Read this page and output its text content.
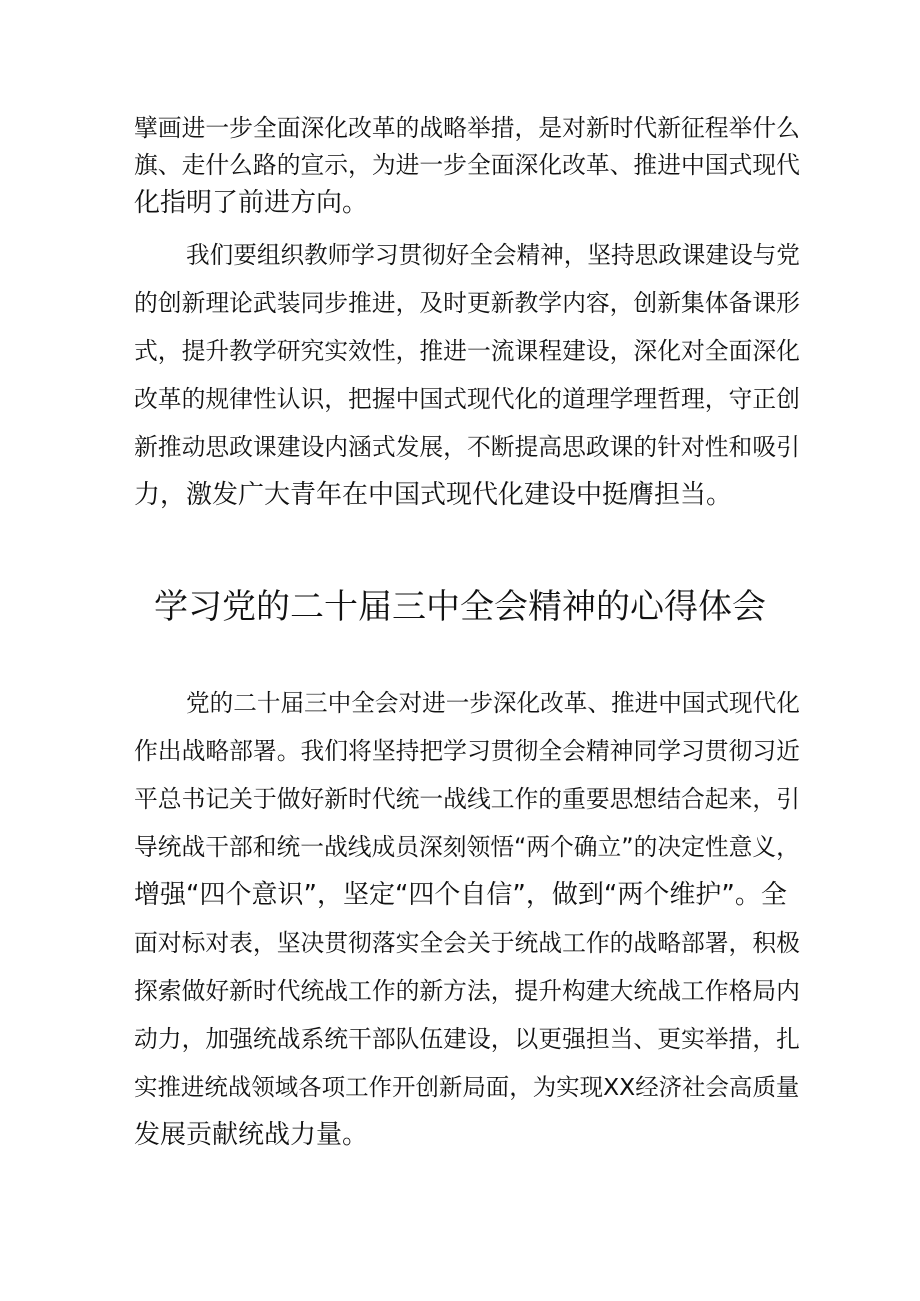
擘画进一步全面深化改革的战略举措，是对新时代新征程举什么

旗、走什么路的宣示，为进一步全面深化改革、推进中国式现代

化指明了前进方向。

我们要组织教师学习贯彻好全会精神，坚持思政课建设与党

的创新理论武装同步推进，及时更新教学内容，创新集体备课形

式，提升教学研究实效性，推进一流课程建设，深化对全面深化

改革的规律性认识，把握中国式现代化的道理学理哲理，守正创

新推动思政课建设内涵式发展，不断提高思政课的针对性和吸引

力，激发广大青年在中国式现代化建设中挺膺担当。

学习党的二十届三中全会精神的心得体会

党的二十届三中全会对进一步深化改革、推进中国式现代化

作出战略部署。我们将坚持把学习贯彻全会精神同学习贯彻习近

平总书记关于做好新时代统一战线工作的重要思想结合起来，引

导统战干部和统一战线成员深刻领悟“两个确立”的决定性意义，

增强“四个意识”，坚定“四个自信”，做到“两个维护”。全

面对标对表，坚决贯彻落实全会关于统战工作的战略部署，积极

探索做好新时代统战工作的新方法，提升构建大统战工作格局内

动力，加强统战系统干部队伍建设，以更强担当、更实举措，扎

实推进统战领域各项工作开创新局面，为实现XX经济社会高质量

发展贡献统战力量。
